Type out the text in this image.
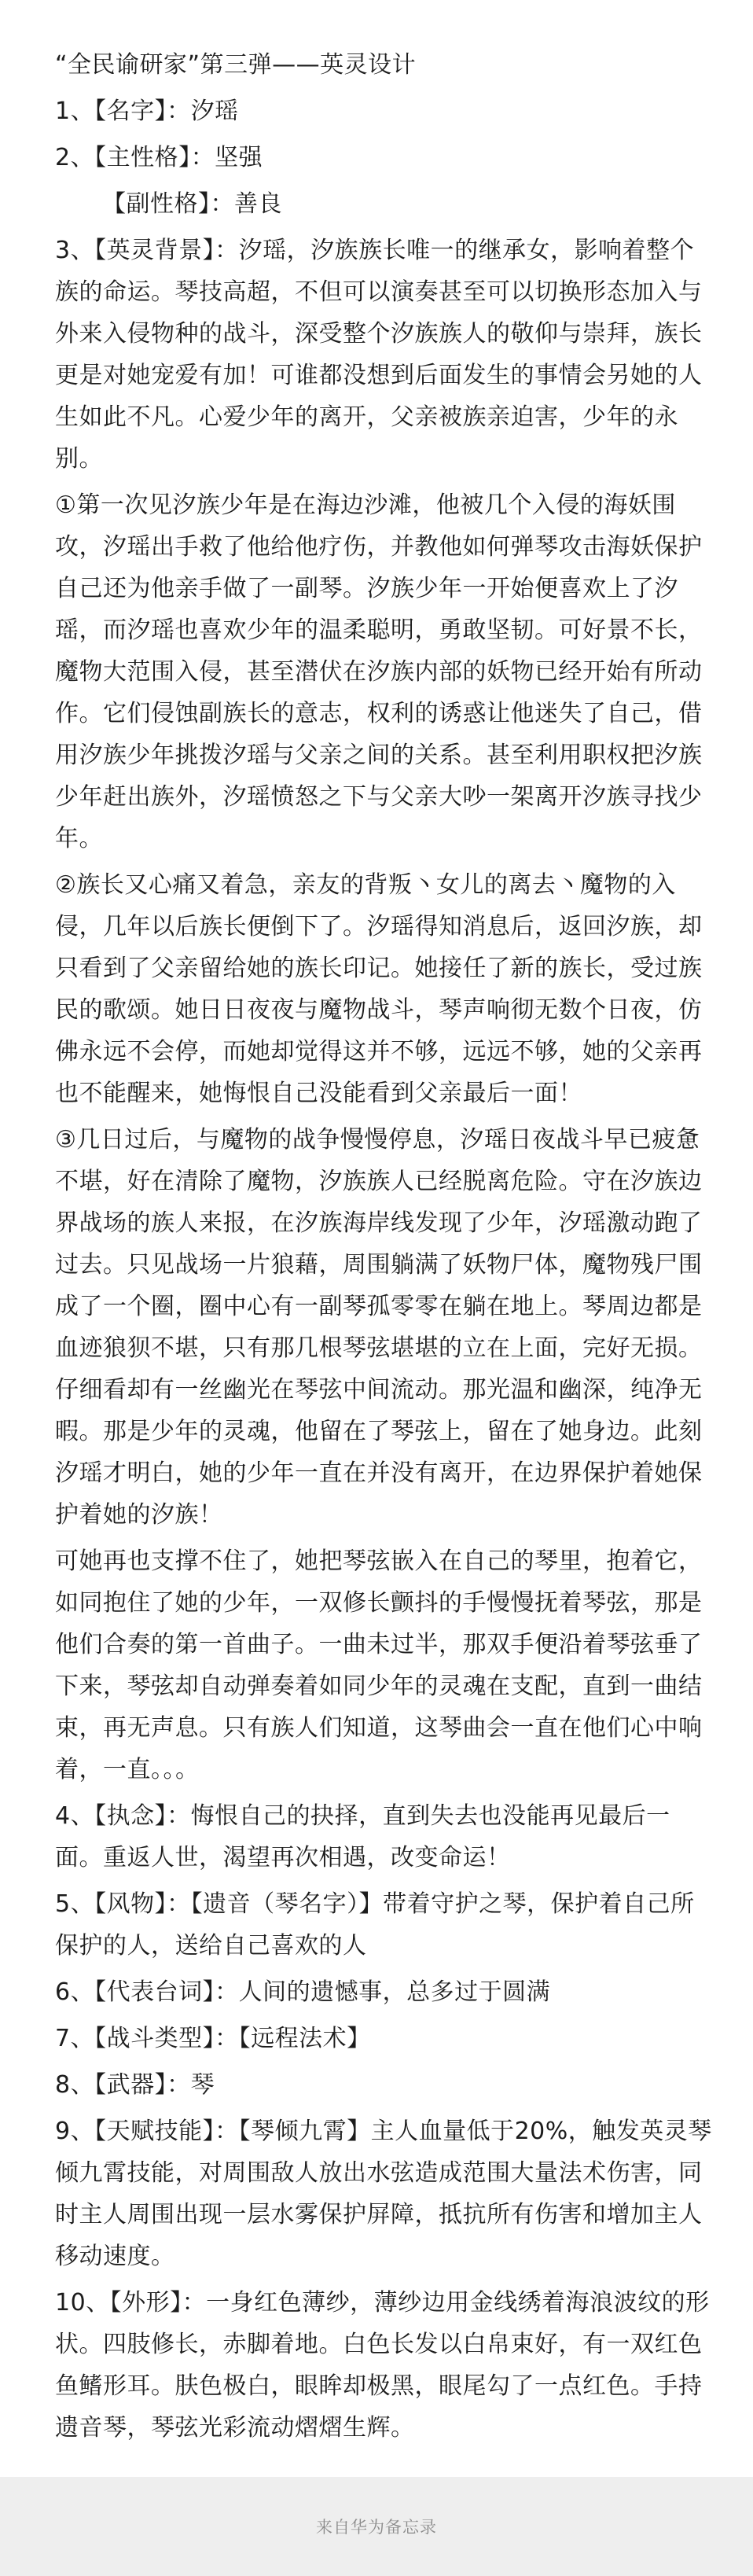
“全民谕研家”第三弹——英灵设计

1、【名字】：汐瑶

2、【主性格】：坚强

【副性格】：善良

3、【英灵背景】：汐瑶，汐族族长唯一的继承女，影响着整个族的命运。琴技高超，不但可以演奏甚至可以切换形态加入与外来入侵物种的战斗，深受整个汐族族人的敬仰与崇拜，族长更是对她宠爱有加！可谁都没想到后面发生的事情会另她的人生如此不凡。心爱少年的离开，父亲被族亲迫害，少年的永别。

①第一次见汐族少年是在海边沙滩，他被几个入侵的海妖围攻，汐瑶出手救了他给他疗伤，并教他如何弹琴攻击海妖保护自己还为他亲手做了一副琴。汐族少年一开始便喜欢上了汐瑶，而汐瑶也喜欢少年的温柔聪明，勇敢坚韧。可好景不长，魔物大范围入侵，甚至潜伏在汐族内部的妖物已经开始有所动作。它们侵蚀副族长的意志，权利的诱惑让他迷失了自己，借用汐族少年挑拨汐瑶与父亲之间的关系。甚至利用职权把汐族少年赶出族外，汐瑶愤怒之下与父亲大吵一架离开汐族寻找少年。

②族长又心痛又着急，亲友的背叛丶女儿的离去丶魔物的入侵，几年以后族长便倒下了。汐瑶得知消息后，返回汐族，却只看到了父亲留给她的族长印记。她接任了新的族长，受过族民的歌颂。她日日夜夜与魔物战斗，琴声响彻无数个日夜，仿佛永远不会停，而她却觉得这并不够，远远不够，她的父亲再也不能醒来，她悔恨自己没能看到父亲最后一面！

③几日过后，与魔物的战争慢慢停息，汐瑶日夜战斗早已疲惫不堪，好在清除了魔物，汐族族人已经脱离危险。守在汐族边界战场的族人来报，在汐族海岸线发现了少年，汐瑶激动跑了过去。只见战场一片狼藉，周围躺满了妖物尸体，魔物残尸围成了一个圈，圈中心有一副琴孤零零在躺在地上。琴周边都是血迹狼狈不堪，只有那几根琴弦堪堪的立在上面，完好无损。仔细看却有一丝幽光在琴弦中间流动。那光温和幽深，纯净无暇。那是少年的灵魂，他留在了琴弦上，留在了她身边。此刻汐瑶才明白，她的少年一直在并没有离开，在边界保护着她保护着她的汐族！

可她再也支撑不住了，她把琴弦嵌入在自己的琴里，抱着它，如同抱住了她的少年，一双修长颤抖的手慢慢抚着琴弦，那是他们合奏的第一首曲子。一曲未过半，那双手便沿着琴弦垂了下来，琴弦却自动弹奏着如同少年的灵魂在支配，直到一曲结束，再无声息。只有族人们知道，这琴曲会一直在他们心中响着，一直。。。

4、【执念】：悔恨自己的抉择，直到失去也没能再见最后一面。重返人世，渴望再次相遇，改变命运！

5、【风物】：【遗音（琴名字）】带着守护之琴，保护着自己所保护的人，送给自己喜欢的人

6、【代表台词】：人间的遗憾事，总多过于圆满

7、【战斗类型】：【远程法术】

8、【武器】：琴

9、【天赋技能】：【琴倾九霄】主人血量低于20%，触发英灵琴倾九霄技能，对周围敌人放出水弦造成范围大量法术伤害，同时主人周围出现一层水雾保护屏障，抵抗所有伤害和增加主人移动速度。

10、【外形】：一身红色薄纱，薄纱边用金线绣着海浪波纹的形状。四肢修长，赤脚着地。白色长发以白帛束好，有一双红色鱼鳍形耳。肤色极白，眼眸却极黑，眼尾勾了一点红色。手持遗音琴，琴弦光彩流动熠熠生辉。

来自华为备忘录
